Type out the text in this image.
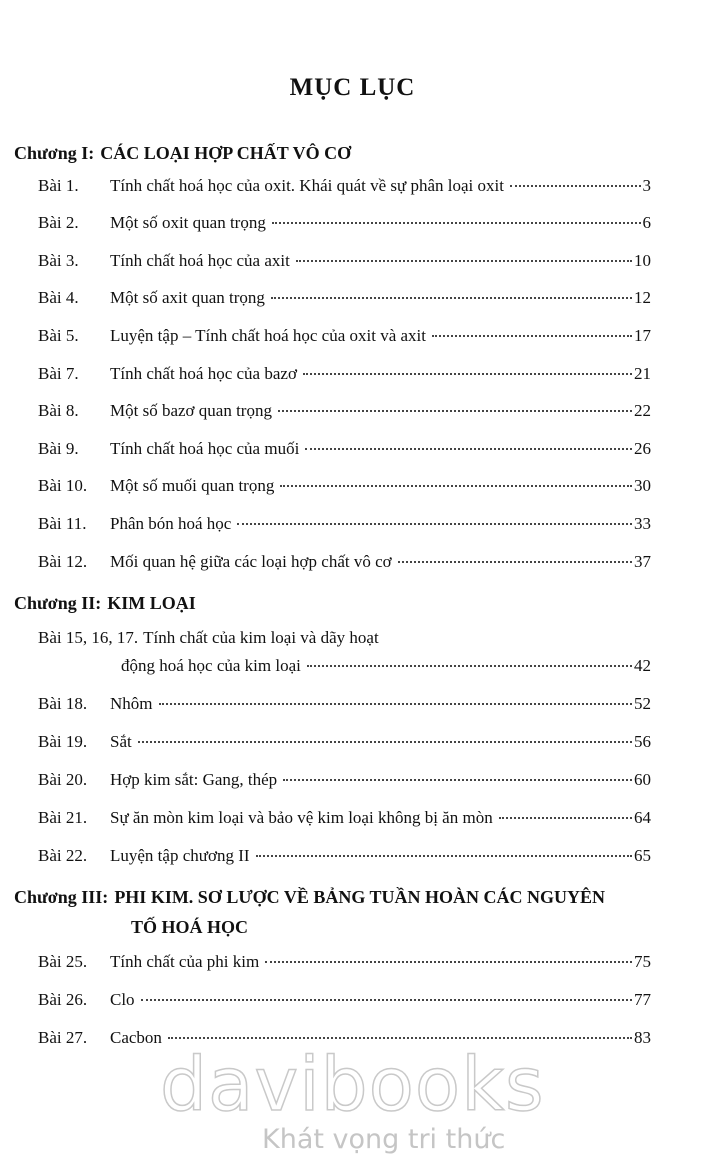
MỤC LỤC
Chương I: CÁC LOẠI HỢP CHẤT VÔ CƠ
Bài 1.	Tính chất hoá học của oxit. Khái quát về sự phân loại oxit	3
Bài 2.	Một số oxit quan trọng	6
Bài 3.	Tính chất hoá học của axit	10
Bài 4.	Một số axit quan trọng	12
Bài 5.	Luyện tập – Tính chất hoá học của oxit và axit	17
Bài 7.	Tính chất hoá học của bazơ	21
Bài 8.	Một số bazơ quan trọng	22
Bài 9.	Tính chất hoá học của muối	26
Bài 10.	Một số muối quan trọng	30
Bài 11.	Phân bón hoá học	33
Bài 12.	Mối quan hệ giữa các loại hợp chất vô cơ	37
Chương II: KIM LOẠI
Bài 15, 16, 17. Tính chất của kim loại và dãy hoạt
động hoá học của kim loại	42
Bài 18.	Nhôm	52
Bài 19.	Sắt	56
Bài 20.	Hợp kim sắt: Gang, thép	60
Bài 21.	Sự ăn mòn kim loại và bảo vệ kim loại không bị ăn mòn	64
Bài 22.	Luyện tập chương II	65
Chương III: PHI KIM. SƠ LƯỢC VỀ BẢNG TUẦN HOÀN CÁC NGUYÊN
TỐ HOÁ HỌC
Bài 25.	Tính chất của phi kim	75
Bài 26.	Clo	77
Bài 27.	Cacbon	83
davibooks
Khát vọng tri thức
